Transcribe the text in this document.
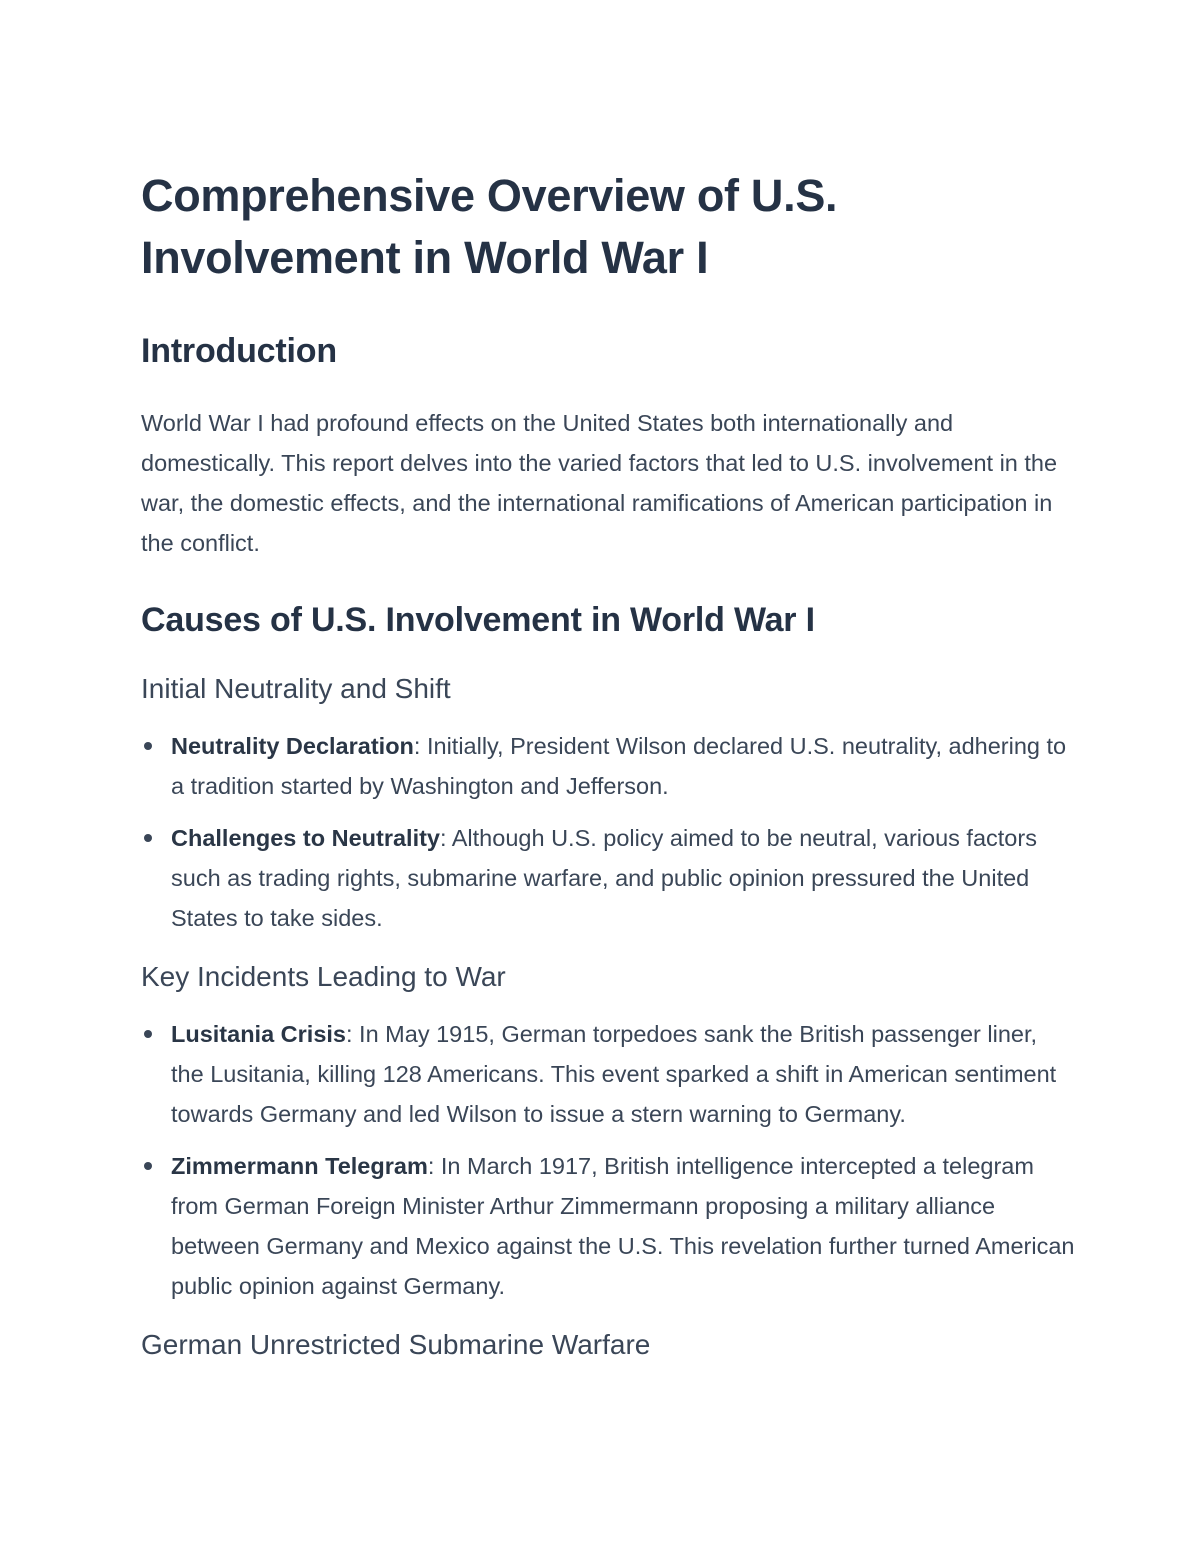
Comprehensive Overview of U.S. Involvement in World War I
Introduction

World War I had profound effects on the United States both internationally and domestically. This report delves into the varied factors that led to U.S. involvement in the war, the domestic effects, and the international ramifications of American participation in the conflict.

Causes of U.S. Involvement in World War I
Initial Neutrality and Shift
Neutrality Declaration: Initially, President Wilson declared U.S. neutrality, adhering to a tradition started by Washington and Jefferson.
Challenges to Neutrality: Although U.S. policy aimed to be neutral, various factors such as trading rights, submarine warfare, and public opinion pressured the United States to take sides.
Key Incidents Leading to War
Lusitania Crisis: In May 1915, German torpedoes sank the British passenger liner, the Lusitania, killing 128 Americans. This event sparked a shift in American sentiment towards Germany and led Wilson to issue a stern warning to Germany.
Zimmermann Telegram: In March 1917, British intelligence intercepted a telegram from German Foreign Minister Arthur Zimmermann proposing a military alliance between Germany and Mexico against the U.S. This revelation further turned American public opinion against Germany.
German Unrestricted Submarine Warfare
